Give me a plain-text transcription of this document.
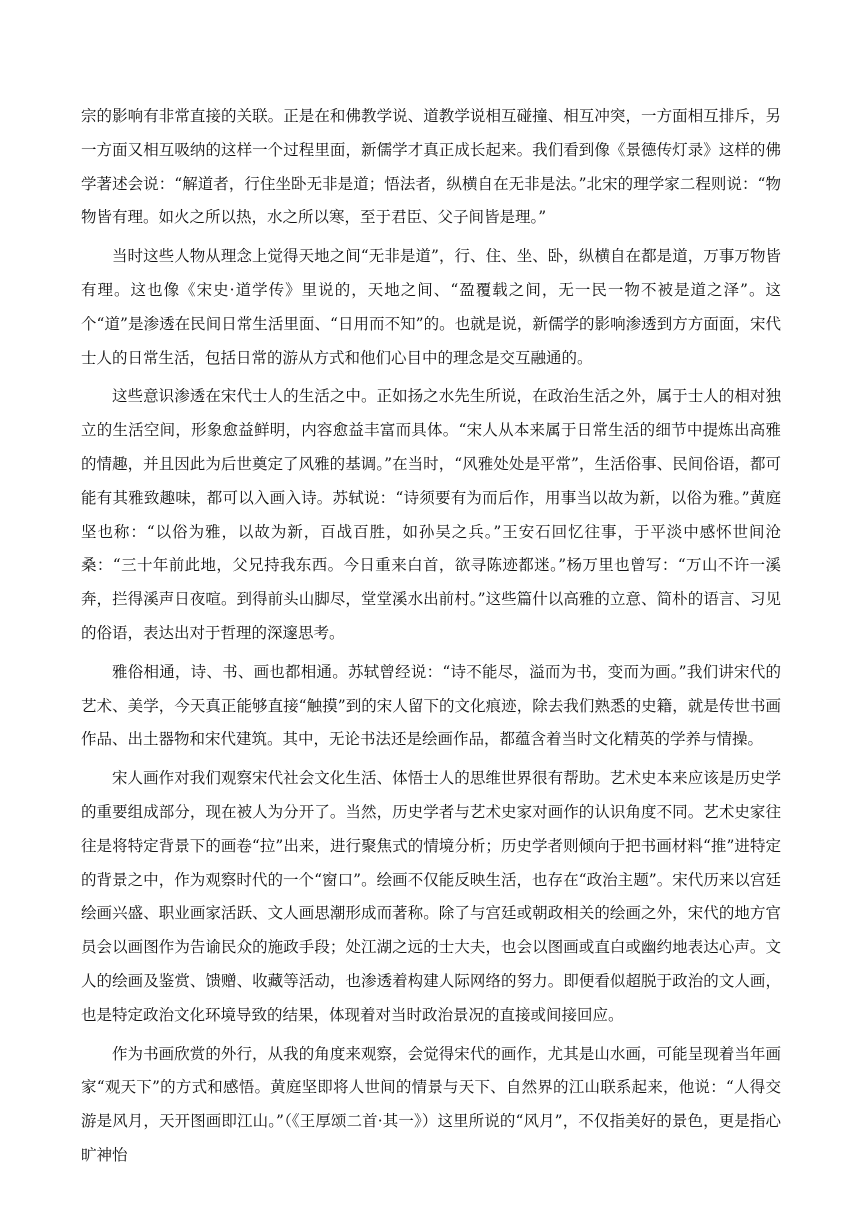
宗的影响有非常直接的关联。正是在和佛教学说、道教学说相互碰撞、相互冲突，一方面相互排斥，另一方面又相互吸纳的这样一个过程里面，新儒学才真正成长起来。我们看到像《景德传灯录》这样的佛学著述会说：“解道者，行住坐卧无非是道；悟法者，纵横自在无非是法。”北宋的理学家二程则说：“物物皆有理。如火之所以热，水之所以寒，至于君臣、父子间皆是理。”

当时这些人物从理念上觉得天地之间“无非是道”，行、住、坐、卧，纵横自在都是道，万事万物皆有理。这也像《宋史·道学传》里说的，天地之间、“盈覆载之间，无一民一物不被是道之泽”。这个“道”是渗透在民间日常生活里面、“日用而不知”的。也就是说，新儒学的影响渗透到方方面面，宋代士人的日常生活，包括日常的游从方式和他们心目中的理念是交互融通的。

这些意识渗透在宋代士人的生活之中。正如扬之水先生所说，在政治生活之外，属于士人的相对独立的生活空间，形象愈益鲜明，内容愈益丰富而具体。“宋人从本来属于日常生活的细节中提炼出高雅的情趣，并且因此为后世奠定了风雅的基调。”在当时，“风雅处处是平常”，生活俗事、民间俗语，都可能有其雅致趣味，都可以入画入诗。苏轼说：“诗须要有为而后作，用事当以故为新，以俗为雅。”黄庭坚也称：“以俗为雅，以故为新，百战百胜，如孙吴之兵。”王安石回忆往事，于平淡中感怀世间沧桑：“三十年前此地，父兄持我东西。今日重来白首，欲寻陈迹都迷。”杨万里也曾写：“万山不许一溪奔，拦得溪声日夜喧。到得前头山脚尽，堂堂溪水出前村。”这些篇什以高雅的立意、简朴的语言、习见的俗语，表达出对于哲理的深邃思考。

雅俗相通，诗、书、画也都相通。苏轼曾经说：“诗不能尽，溢而为书，变而为画。”我们讲宋代的艺术、美学，今天真正能够直接“触摸”到的宋人留下的文化痕迹，除去我们熟悉的史籍，就是传世书画作品、出土器物和宋代建筑。其中，无论书法还是绘画作品，都蕴含着当时文化精英的学养与情操。

宋人画作对我们观察宋代社会文化生活、体悟士人的思维世界很有帮助。艺术史本来应该是历史学的重要组成部分，现在被人为分开了。当然，历史学者与艺术史家对画作的认识角度不同。艺术史家往往是将特定背景下的画卷“拉”出来，进行聚焦式的情境分析；历史学者则倾向于把书画材料“推”进特定的背景之中，作为观察时代的一个“窗口”。绘画不仅能反映生活，也存在“政治主题”。宋代历来以宫廷绘画兴盛、职业画家活跃、文人画思潮形成而著称。除了与宫廷或朝政相关的绘画之外，宋代的地方官员会以画图作为告谕民众的施政手段；处江湖之远的士大夫，也会以图画或直白或幽约地表达心声。文人的绘画及鉴赏、馈赠、收藏等活动，也渗透着构建人际网络的努力。即便看似超脱于政治的文人画，也是特定政治文化环境导致的结果，体现着对当时政治景况的直接或间接回应。

作为书画欣赏的外行，从我的角度来观察，会觉得宋代的画作，尤其是山水画，可能呈现着当年画家“观天下”的方式和感悟。黄庭坚即将人世间的情景与天下、自然界的江山联系起来，他说：“人得交游是风月，天开图画即江山。”（《王厚颂二首·其一》）这里所说的“风月”，不仅指美好的景色，更是指心旷神怡
